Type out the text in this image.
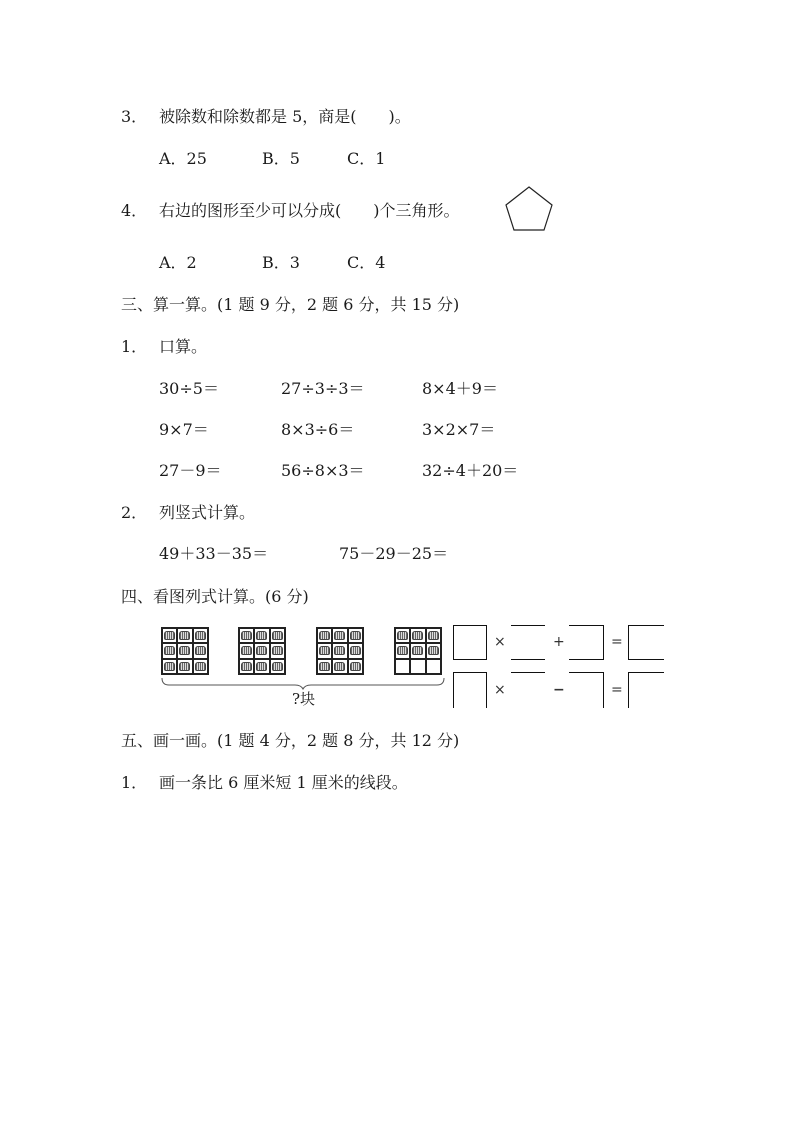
3． 被除数和除数都是 5，商是(　　)。
A．25	B．5	C．1
4． 右边的图形至少可以分成(　　)个三角形。
A．2	B．3	C．4
三、算一算。(1 题 9 分，2 题 6 分，共 15 分)
1． 口算。
30÷5＝	27÷3÷3＝	8×4＋9＝
9×7＝	8×3÷6＝	3×2×7＝
27－9＝	56÷8×3＝	32÷4＋20＝
2． 列竖式计算。
49＋33－35＝	75－29－25＝
四、看图列式计算。(6 分)
?块
×	+	=
×	−	=
五、画一画。(1 题 4 分，2 题 8 分，共 12 分)
1． 画一条比 6 厘米短 1 厘米的线段。
